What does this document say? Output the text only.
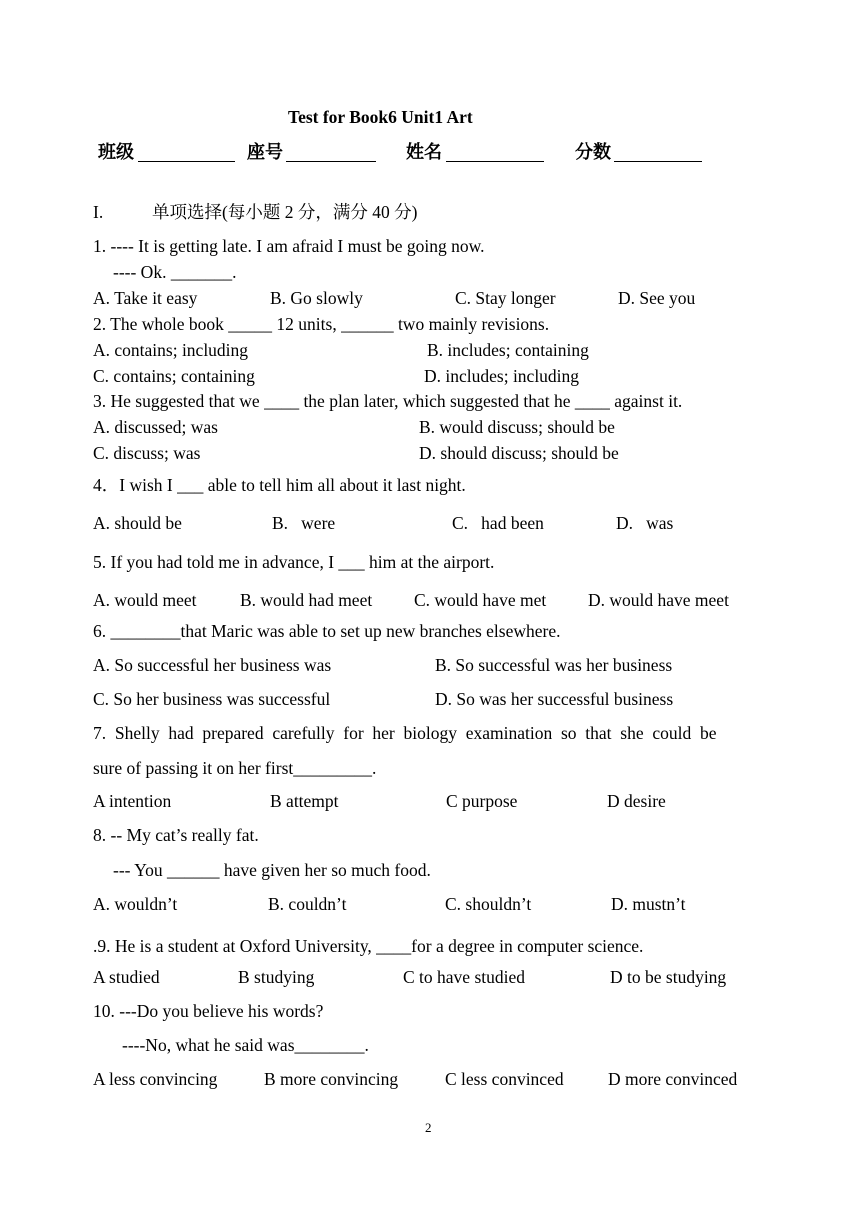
Test for Book6 Unit1 Art
班级	座号	姓名	分数
I.	单项选择(每小题 2 分，满分 40 分)
1. ---- It is getting late. I am afraid I must be going now.
---- Ok. _______.
A. Take it easy	B. Go slowly	C. Stay longer	D. See you
2. The whole book _____ 12 units, ______ two mainly revisions.
A. contains; including	B. includes; containing
C. contains; containing	D. includes; including
3. He suggested that we ____ the plan later, which suggested that he ____ against it.
A. discussed; was	B. would discuss; should be
C. discuss; was	D. should discuss; should be
4．I wish I ___ able to tell him all about it last night.
A. should be	B.   were	C.   had been	D.   was
5. If you had told me in advance, I ___ him at the airport.
A. would meet B. would had meet C. would have met D. would have meet
6. ________that Maric was able to set up new branches elsewhere.
A. So successful her business was	B. So successful was her business
C. So her business was successful	D. So was her successful business
7.  Shelly  had  prepared  carefully  for  her  biology  examination  so  that  she  could  be
sure of passing it on her first_________.
A intention	B attempt	C purpose	D desire
8. -- My cat’s really fat.
--- You ______ have given her so much food.
A. wouldn’t	B. couldn’t	C. shouldn’t	D. mustn’t
.9. He is a student at Oxford University, ____for a degree in computer science.
A studied	B studying	C to have studied	D to be studying
10. ---Do you believe his words?
----No, what he said was________.
A less convincing	B more convincing	C less convinced	D more convinced
2
